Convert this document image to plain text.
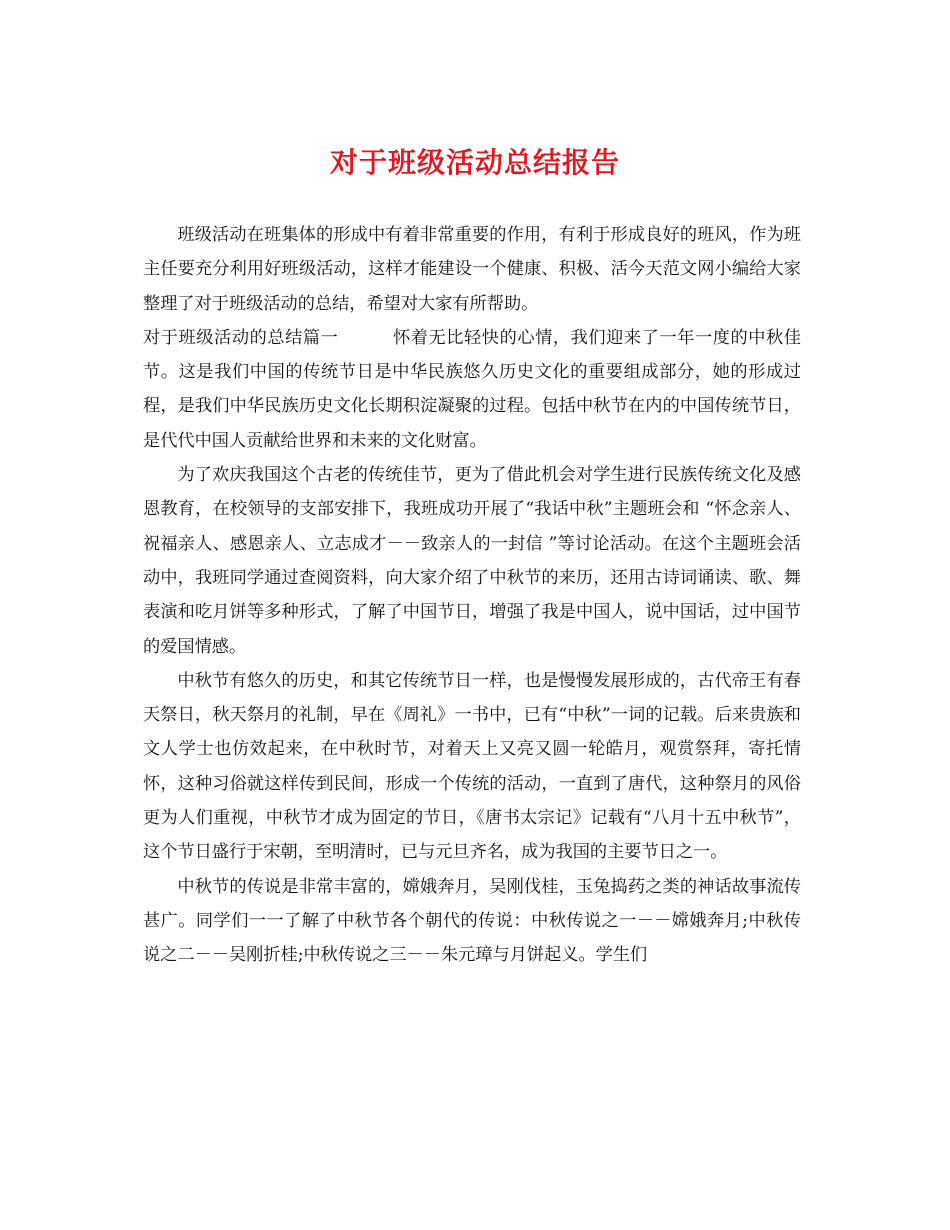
对于班级活动总结报告

班级活动在班集体的形成中有着非常重要的作用，有利于形成良好的班风，作为班主任要充分利用好班级活动，这样才能建设一个健康、积极、活今天范文网小编给大家整理了对于班级活动的总结，希望对大家有所帮助。

对于班级活动的总结篇一	怀着无比轻快的心情，我们迎来了一年一度的中秋佳节。这是我们中国的传统节日是中华民族悠久历史文化的重要组成部分，她的形成过程，是我们中华民族历史文化长期积淀凝聚的过程。包括中秋节在内的中国传统节日，是代代中国人贡献给世界和未来的文化财富。

为了欢庆我国这个古老的传统佳节，更为了借此机会对学生进行民族传统文化及感恩教育，在校领导的支部安排下，我班成功开展了“我话中秋”主题班会和 “怀念亲人、祝福亲人、感恩亲人、立志成才－－致亲人的一封信 ”等讨论活动。在这个主题班会活动中，我班同学通过查阅资料，向大家介绍了中秋节的来历，还用古诗词诵读、歌、舞表演和吃月饼等多种形式，了解了中国节日，增强了我是中国人，说中国话，过中国节的爱国情感。

中秋节有悠久的历史，和其它传统节日一样，也是慢慢发展形成的，古代帝王有春天祭日，秋天祭月的礼制，早在《周礼》一书中，已有“中秋”一词的记载。后来贵族和文人学士也仿效起来，在中秋时节，对着天上又亮又圆一轮皓月，观赏祭拜，寄托情怀，这种习俗就这样传到民间，形成一个传统的活动，一直到了唐代，这种祭月的风俗更为人们重视，中秋节才成为固定的节日，《唐书太宗记》记载有“八月十五中秋节”，这个节日盛行于宋朝，至明清时，已与元旦齐名，成为我国的主要节日之一。

中秋节的传说是非常丰富的，嫦娥奔月，吴刚伐桂，玉兔捣药之类的神话故事流传甚广。同学们一一了解了中秋节各个朝代的传说：中秋传说之一－－嫦娥奔月;中秋传说之二－－吴刚折桂;中秋传说之三－－朱元璋与月饼起义。学生们
